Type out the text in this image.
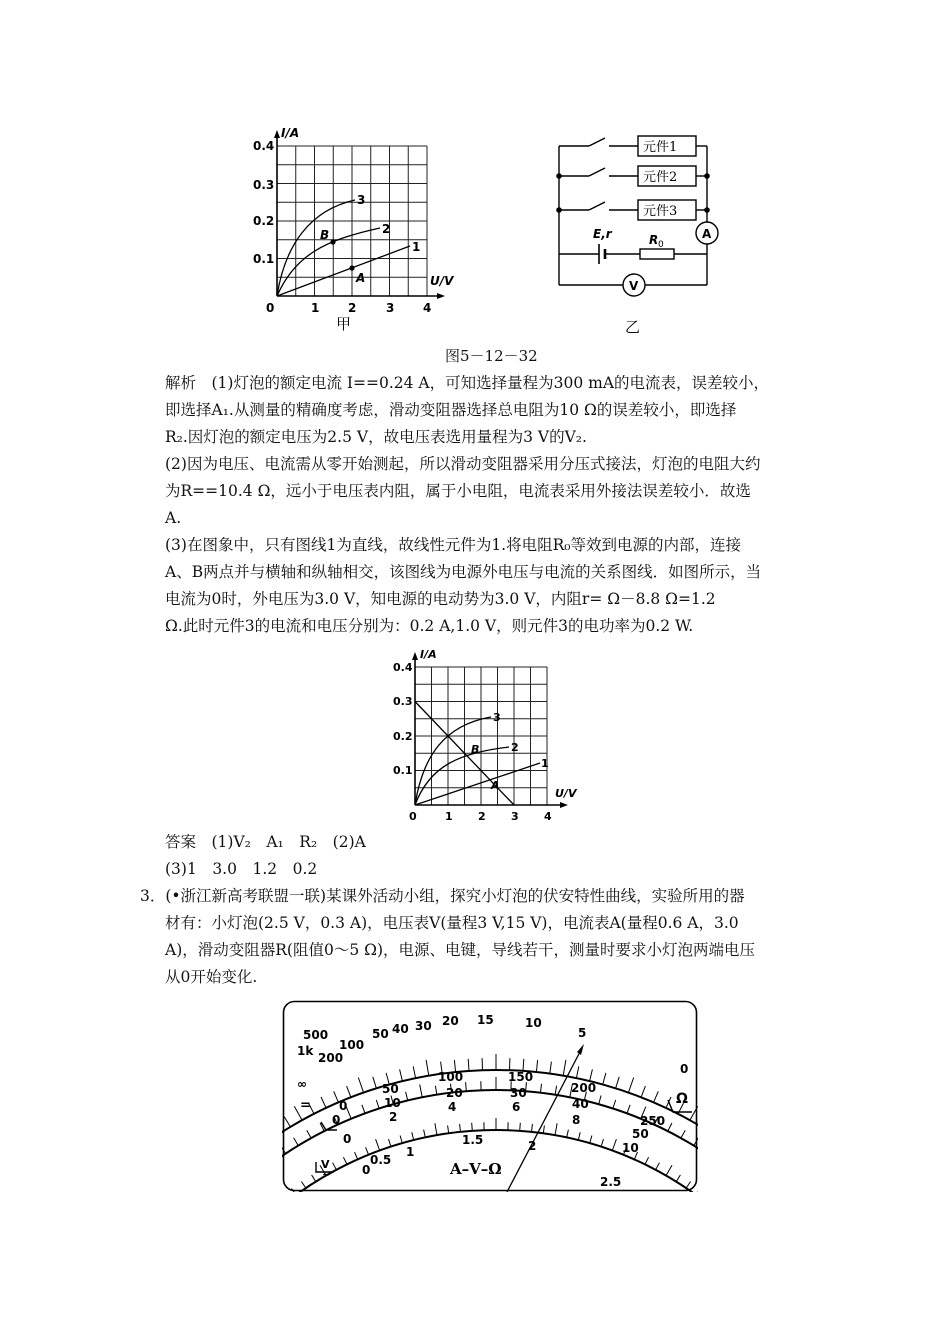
I/A
U/V
0.4
0.3
0.2
0.1
0	1 2 3 4
3
2
1
A
B
甲
元件1
元件2
元件3
A
V
E,r	R 0
乙
图5－12－32
解析　(1)灯泡的额定电流 I==0.24 A，可知选择量程为300 mA的电流表，误差较小，
即选择A₁.从测量的精确度考虑，滑动变阻器选择总电阻为10 Ω的误差较小，即选择
R₂.因灯泡的额定电压为2.5 V，故电压表选用量程为3 V的V₂.
(2)因为电压、电流需从零开始测起，所以滑动变阻器采用分压式接法，灯泡的电阻大约
为R==10.4 Ω，远小于电压表内阻，属于小电阻，电流表采用外接法误差较小．故选
A.
(3)在图象中，只有图线1为直线，故线性元件为1.将电阻R₀等效到电源的内部，连接
A、B两点并与横轴和纵轴相交，该图线为电源外电压与电流的关系图线．如图所示，当
电流为0时，外电压为3.0 V，知电源的电动势为3.0 V，内阻r= Ω－8.8 Ω=1.2
Ω.此时元件3的电流和电压分别为：0.2 A,1.0 V，则元件3的电功率为0.2 W.
I/A
U/V
0.4
0.3
0.2
0.1
0	1 2 3 4
3
2
1
A
B
答案　(1)V₂　A₁　R₂　(2)A
(3)1　3.0　1.2　0.2
3．(•浙江新高考联盟一联)某课外活动小组，探究小灯泡的伏安特性曲线，实验所用的器
材有：小灯泡(2.5 V，0.3 A)，电压表V(量程3 V,15 V)，电流表A(量程0.6 A，3.0
A)，滑动变阻器R(阻值0～5 Ω)，电源、电键，导线若干，测量时要求小灯泡两端电压
从0开始变化.
∞
1k
500
200
100
50 40 30 20 15	10
5
0
Ω
0
50
100	150
200
250
0
10
20	30
40
50
0
2
4	6
8
10
0
0.5
1
1.5	2
2.5
=
V
~	A–V–Ω
